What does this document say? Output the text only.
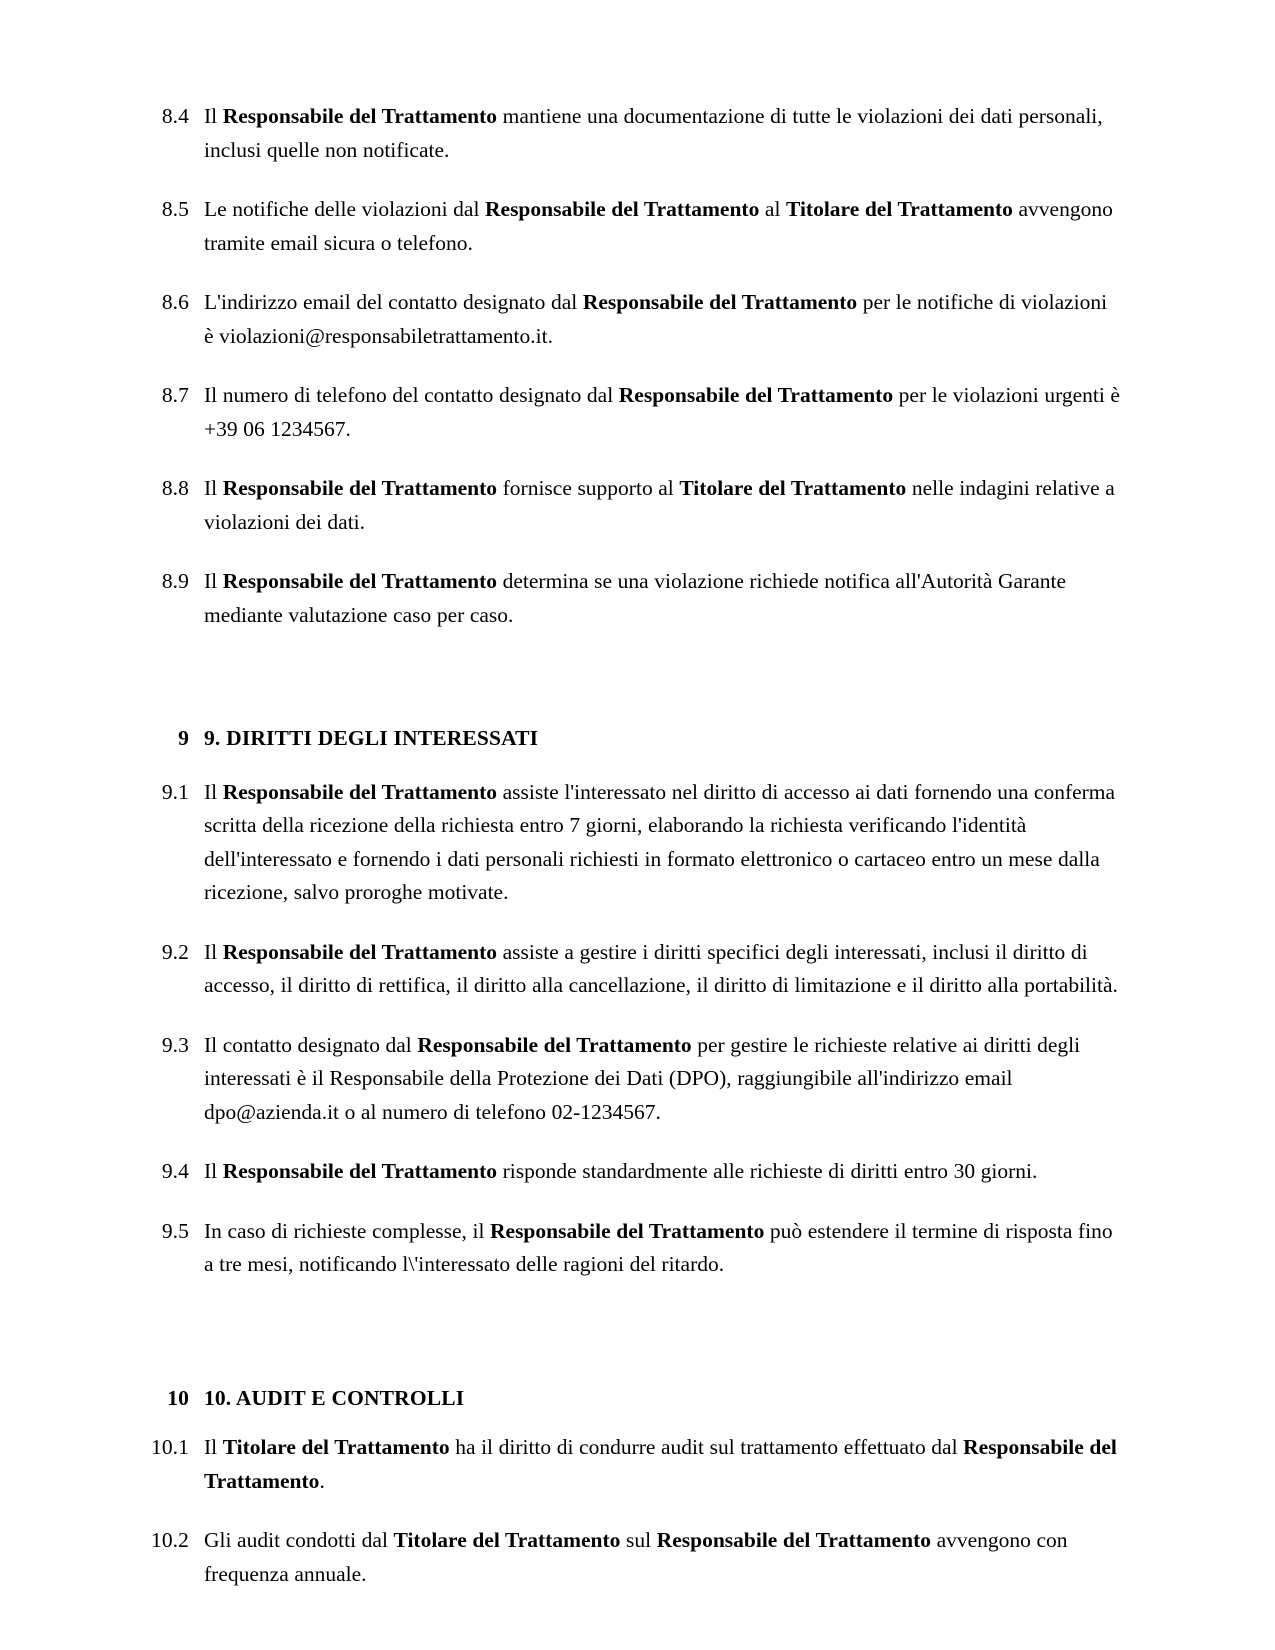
8.4 Il Responsabile del Trattamento mantiene una documentazione di tutte le violazioni dei dati personali, inclusi quelle non notificate.
8.5 Le notifiche delle violazioni dal Responsabile del Trattamento al Titolare del Trattamento avvengono tramite email sicura o telefono.
8.6 L'indirizzo email del contatto designato dal Responsabile del Trattamento per le notifiche di violazioni è violazioni@responsabiletrattamento.it.
8.7 Il numero di telefono del contatto designato dal Responsabile del Trattamento per le violazioni urgenti è +39 06 1234567.
8.8 Il Responsabile del Trattamento fornisce supporto al Titolare del Trattamento nelle indagini relative a violazioni dei dati.
8.9 Il Responsabile del Trattamento determina se una violazione richiede notifica all'Autorità Garante mediante valutazione caso per caso.
9 9. DIRITTI DEGLI INTERESSATI
9.1 Il Responsabile del Trattamento assiste l'interessato nel diritto di accesso ai dati fornendo una conferma scritta della ricezione della richiesta entro 7 giorni, elaborando la richiesta verificando l'identità dell'interessato e fornendo i dati personali richiesti in formato elettronico o cartaceo entro un mese dalla ricezione, salvo proroghe motivate.
9.2 Il Responsabile del Trattamento assiste a gestire i diritti specifici degli interessati, inclusi il diritto di accesso, il diritto di rettifica, il diritto alla cancellazione, il diritto di limitazione e il diritto alla portabilità.
9.3 Il contatto designato dal Responsabile del Trattamento per gestire le richieste relative ai diritti degli interessati è il Responsabile della Protezione dei Dati (DPO), raggiungibile all'indirizzo email dpo@azienda.it o al numero di telefono 02-1234567.
9.4 Il Responsabile del Trattamento risponde standardmente alle richieste di diritti entro 30 giorni.
9.5 In caso di richieste complesse, il Responsabile del Trattamento può estendere il termine di risposta fino a tre mesi, notificando l\'interessato delle ragioni del ritardo.
10 10. AUDIT E CONTROLLI
10.1 Il Titolare del Trattamento ha il diritto di condurre audit sul trattamento effettuato dal Responsabile del Trattamento.
10.2 Gli audit condotti dal Titolare del Trattamento sul Responsabile del Trattamento avvengono con frequenza annuale.
